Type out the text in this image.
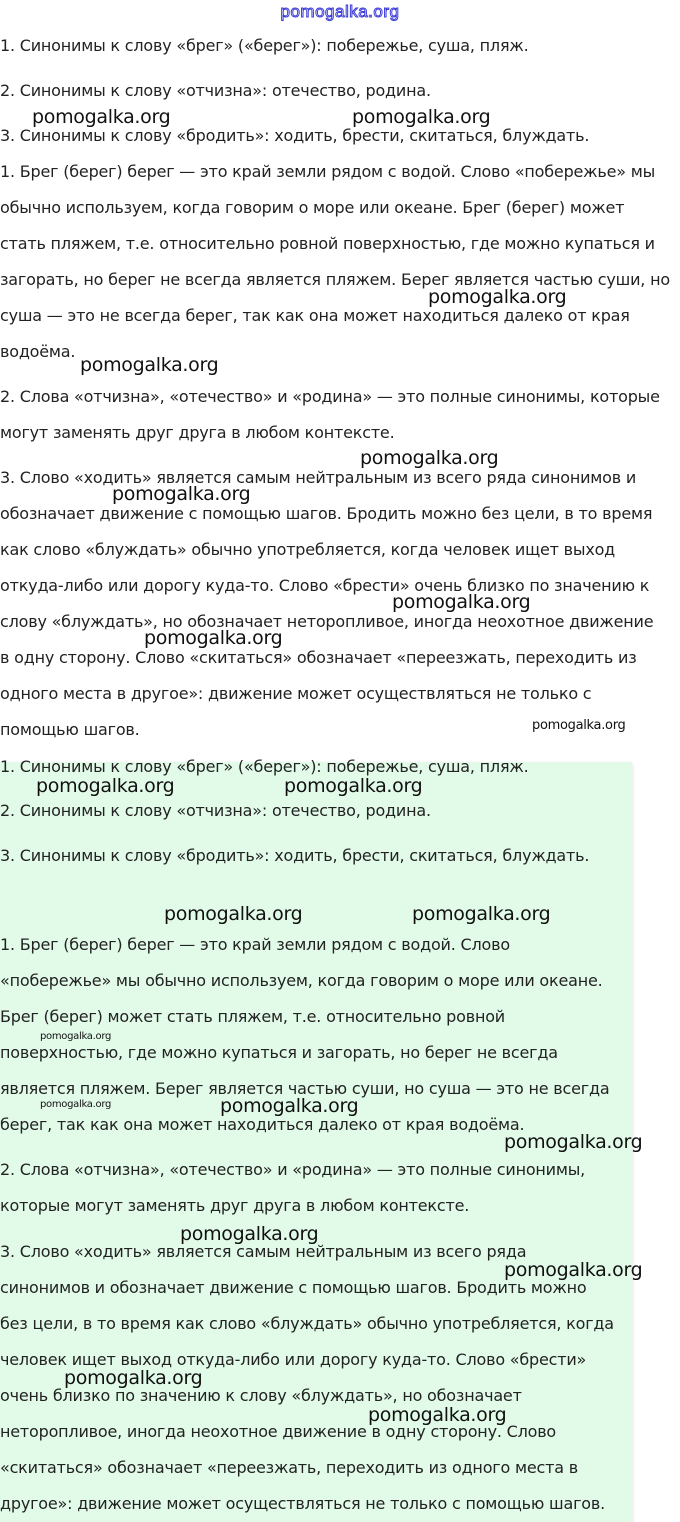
pomogalka.org

1. Синонимы к слову «брег» («берег»): побережье, суша, пляж.

2. Синонимы к слову «отчизна»: отечество, родина.

3. Синонимы к слову «бродить»: ходить, брести, скитаться, блуждать.

1. Брег (берег) берег — это край земли рядом с водой. Слово «побережье» мы

обычно используем, когда говорим о море или океане. Брег (берег) может

стать пляжем, т.е. относительно ровной поверхностью, где можно купаться и

загорать, но берег не всегда является пляжем. Берег является частью суши, но

суша — это не всегда берег, так как она может находиться далеко от края

водоёма.

2. Слова «отчизна», «отечество» и «родина» — это полные синонимы, которые

могут заменять друг друга в любом контексте.

3. Слово «ходить» является самым нейтральным из всего ряда синонимов и

обозначает движение с помощью шагов. Бродить можно без цели, в то время

как слово «блуждать» обычно употребляется, когда человек ищет выход

откуда-либо или дорогу куда-то. Слово «брести» очень близко по значению к

слову «блуждать», но обозначает неторопливое, иногда неохотное движение

в одну сторону. Слово «скитаться» обозначает «переезжать, переходить из

одного места в другое»: движение может осуществляться не только с

помощью шагов.

1. Синонимы к слову «брег» («берег»): побережье, суша, пляж.

2. Синонимы к слову «отчизна»: отечество, родина.

3. Синонимы к слову «бродить»: ходить, брести, скитаться, блуждать.

1. Брег (берег) берег — это край земли рядом с водой. Слово

«побережье» мы обычно используем, когда говорим о море или океане.

Брег (берег) может стать пляжем, т.е. относительно ровной

поверхностью, где можно купаться и загорать, но берег не всегда

является пляжем. Берег является частью суши, но суша — это не всегда

берег, так как она может находиться далеко от края водоёма.

2. Слова «отчизна», «отечество» и «родина» — это полные синонимы,

которые могут заменять друг друга в любом контексте.

3. Слово «ходить» является самым нейтральным из всего ряда

синонимов и обозначает движение с помощью шагов. Бродить можно

без цели, в то время как слово «блуждать» обычно употребляется, когда

человек ищет выход откуда-либо или дорогу куда-то. Слово «брести»

очень близко по значению к слову «блуждать», но обозначает

неторопливое, иногда неохотное движение в одну сторону. Слово

«скитаться» обозначает «переезжать, переходить из одного места в

другое»: движение может осуществляться не только с помощью шагов.

pomogalka.org	pomogalka.org
pomogalka.org
pomogalka.org
pomogalka.org
pomogalka.org
pomogalka.org
pomogalka.org
pomogalka.org
pomogalka.org	pomogalka.org
pomogalka.org	pomogalka.org
pomogalka.org
pomogalka.org	pomogalka.org
pomogalka.org
pomogalka.org
pomogalka.org
pomogalka.org
pomogalka.org
